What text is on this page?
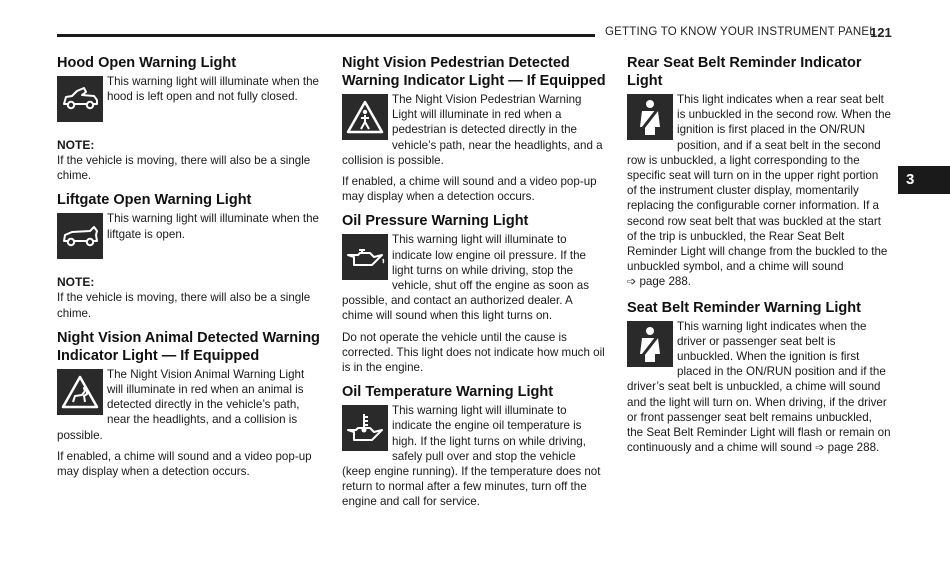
GETTING TO KNOW YOUR INSTRUMENT PANEL
121
3
Hood Open Warning Light

This warning light will illuminate when the hood is left open and not fully closed.

NOTE:

If the vehicle is moving, there will also be a single chime.

Liftgate Open Warning Light

This warning light will illuminate when the liftgate is open.

NOTE:

If the vehicle is moving, there will also be a single chime.

Night Vision Animal Detected Warning Indicator Light — If Equipped

The Night Vision Animal Warning Light will illuminate in red when an animal is detected directly in the vehicle’s path, near the headlights, and a collision is possible.

If enabled, a chime will sound and a video pop-up may display when a detection occurs.

Night Vision Pedestrian Detected Warning Indicator Light — If Equipped

The Night Vision Pedestrian Warning Light will illuminate in red when a pedestrian is detected directly in the vehicle’s path, near the headlights, and a collision is possible.

If enabled, a chime will sound and a video pop-up may display when a detection occurs.

Oil Pressure Warning Light

This warning light will illuminate to indicate low engine oil pressure. If the light turns on while driving, stop the vehicle, shut off the engine as soon as possible, and contact an authorized dealer. A chime will sound when this light turns on.

Do not operate the vehicle until the cause is corrected. This light does not indicate how much oil is in the engine.

Oil Temperature Warning Light

This warning light will illuminate to indicate the engine oil temperature is high. If the light turns on while driving, safely pull over and stop the vehicle (keep engine running). If the temperature does not return to normal after a few minutes, turn off the engine and call for service.

Rear Seat Belt Reminder Indicator Light

This light indicates when a rear seat belt is unbuckled in the second row. When the ignition is first placed in the ON/RUN position, and if a seat belt in the second row is unbuckled, a light corresponding to the specific seat will turn on in the upper right portion of the instrument cluster display, momentarily replacing the configurable corner information. If a second row seat belt that was buckled at the start of the trip is unbuckled, the Rear Seat Belt Reminder Light will change from the buckled to the unbuckled symbol, and a chime will sound
➩ page 288.

Seat Belt Reminder Warning Light

This warning light indicates when the driver or passenger seat belt is unbuckled. When the ignition is first placed in the ON/RUN position and if the driver’s seat belt is unbuckled, a chime will sound and the light will turn on. When driving, if the driver or front passenger seat belt remains unbuckled, the Seat Belt Reminder Light will flash or remain on continuously and a chime will sound ➩ page 288.
